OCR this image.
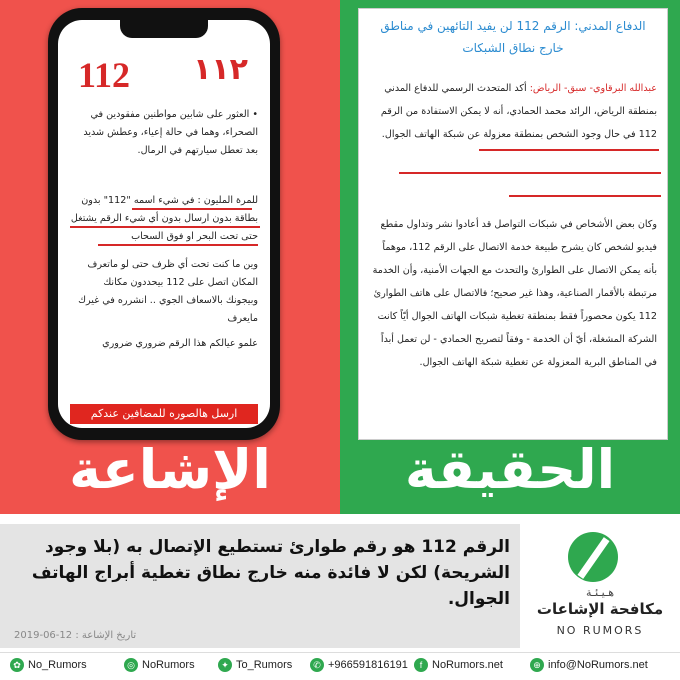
112 ١١٢
• العثور على شابين مواطنين مفقودين في الصحراء، وهما في حالة إعياء، وعطش شديد بعد تعطل سيارتهم في الرمال.
للمرة المليون : في شيء اسمه "112" بدون بطاقة بدون ارسال بدون أي شيء الرقم يشتغل حتى تحت البحر او فوق السحاب
وين ما كنت تحت أي ظرف حتى لو ماتعرف المكان اتصل على 112 بيحددون مكانك وبيجونك بالاسعاف الجوي .. انشرره في غيرك مايعرف
علمو عيالكم هذا الرقم ضروري ضروري
ارسل هالصوره للمضافين عندكم
الإشاعة
الدفاع المدني: الرقم 112 لن يفيد التائهين في مناطق خارج نطاق الشبكات
عبدالله البرقاوي- سبق- الرياض: أكد المتحدث الرسمي للدفاع المدني بمنطقة الرياض، الرائد محمد الحمادي، أنه لا يمكن الاستفادة من الرقم 112 في حال وجود الشخص بمنطقة معزولة عن شبكة الهاتف الجوال.
وكان بعض الأشخاص في شبكات التواصل قد أعادوا نشر وتداول مقطع فيديو لشخص كان يشرح طبيعة خدمة الاتصال على الرقم 112، موهماً بأنه يمكن الاتصال على الطوارئ والتحدث مع الجهات الأمنية، وأن الخدمة مرتبطة بالأقمار الصناعية، وهذا غير صحيح؛ فالاتصال على هاتف الطوارئ 112 يكون محصوراً فقط بمنطقة تغطية شبكات الهاتف الجوال أيّاً كانت الشركة المشغلة، أيّ أن الخدمة - وفقاً لتصريح الحمادي - لن تعمل أبداً في المناطق البرية المعزولة عن تغطية شبكة الهاتف الجوال.
الحقيقة
الرقم 112 هو رقم طوارئ تستطيع الإتصال به (بلا وجود الشريحة) لكن لا فائدة منه خارج نطاق تغطية أبراج الهاتف الجوال.
تاريخ الإشاعة : 12-06-2019
هـيـئـة
مكافحة الإشاعات
NO RUMORS
✿ No_Rumors	◎ NoRumors	✦ To_Rumors	✆ +966591816191	f NoRumors.net	⊕ info@NoRumors.net
